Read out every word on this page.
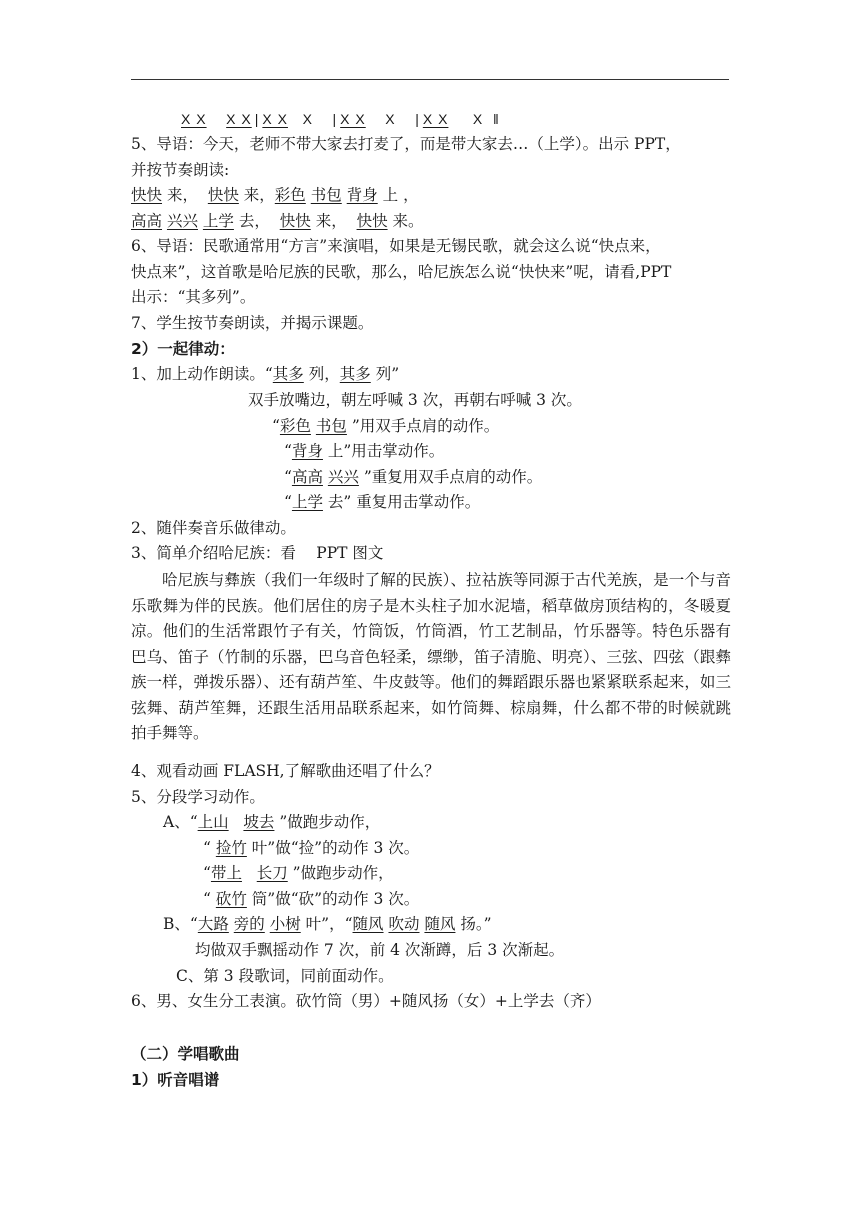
X X X X | X X X | X X X | X X X ‖
5、导语：今天，老师不带大家去打麦了，而是带大家去…（上学）。出示 PPT，
并按节奏朗读:
快快 来， 快快 来，彩色 书包 背身 上 ，
高高 兴兴 上学 去， 快快 来， 快快 来。
6、导语：民歌通常用“方言”来演唱，如果是无锡民歌，就会这么说“快点来，
快点来”，这首歌是哈尼族的民歌，那么，哈尼族怎么说“快快来”呢，请看,PPT
出示：“其多列”。
7、学生按节奏朗读，并揭示课题。
2）一起律动：
1、加上动作朗读。“其多 列，其多 列”
双手放嘴边，朝左呼喊 3 次，再朝右呼喊 3 次。
“彩色 书包 ”用双手点肩的动作。
“背身 上”用击掌动作。
“高高 兴兴 ”重复用双手点肩的动作。
“上学 去” 重复用击掌动作。
2、随伴奏音乐做律动。
3、简单介绍哈尼族：看 　PPT 图文
哈尼族与彝族（我们一年级时了解的民族）、拉祜族等同源于古代羌族，是一个与音乐歌舞为伴的民族。他们居住的房子是木头柱子加水泥墙，稻草做房顶结构的，冬暖夏凉。他们的生活常跟竹子有关，竹筒饭，竹筒酒，竹工艺制品，竹乐器等。特色乐器有巴乌、笛子（竹制的乐器，巴乌音色轻柔，缥缈，笛子清脆、明亮）、三弦、四弦（跟彝族一样，弹拨乐器）、还有葫芦笙、牛皮鼓等。他们的舞蹈跟乐器也紧紧联系起来，如三弦舞、葫芦笙舞，还跟生活用品联系起来，如竹筒舞、棕扇舞，什么都不带的时候就跳拍手舞等。
4、观看动画 FLASH,了解歌曲还唱了什么？
5、分段学习动作。
A、“上山 坡去 ”做跑步动作，
“ 捡竹 叶”做“捡”的动作 3 次。
“带上 长刀 ”做跑步动作，
“ 砍竹 筒”做“砍”的动作 3 次。
B、“大路 旁的 小树 叶”，“随风 吹动 随风 扬。”
均做双手飘摇动作 7 次，前 4 次渐蹲，后 3 次渐起。
C、第 3 段歌词，同前面动作。
6、男、女生分工表演。砍竹筒（男）+随风扬（女）+上学去（齐）
（二）学唱歌曲
1）听音唱谱
